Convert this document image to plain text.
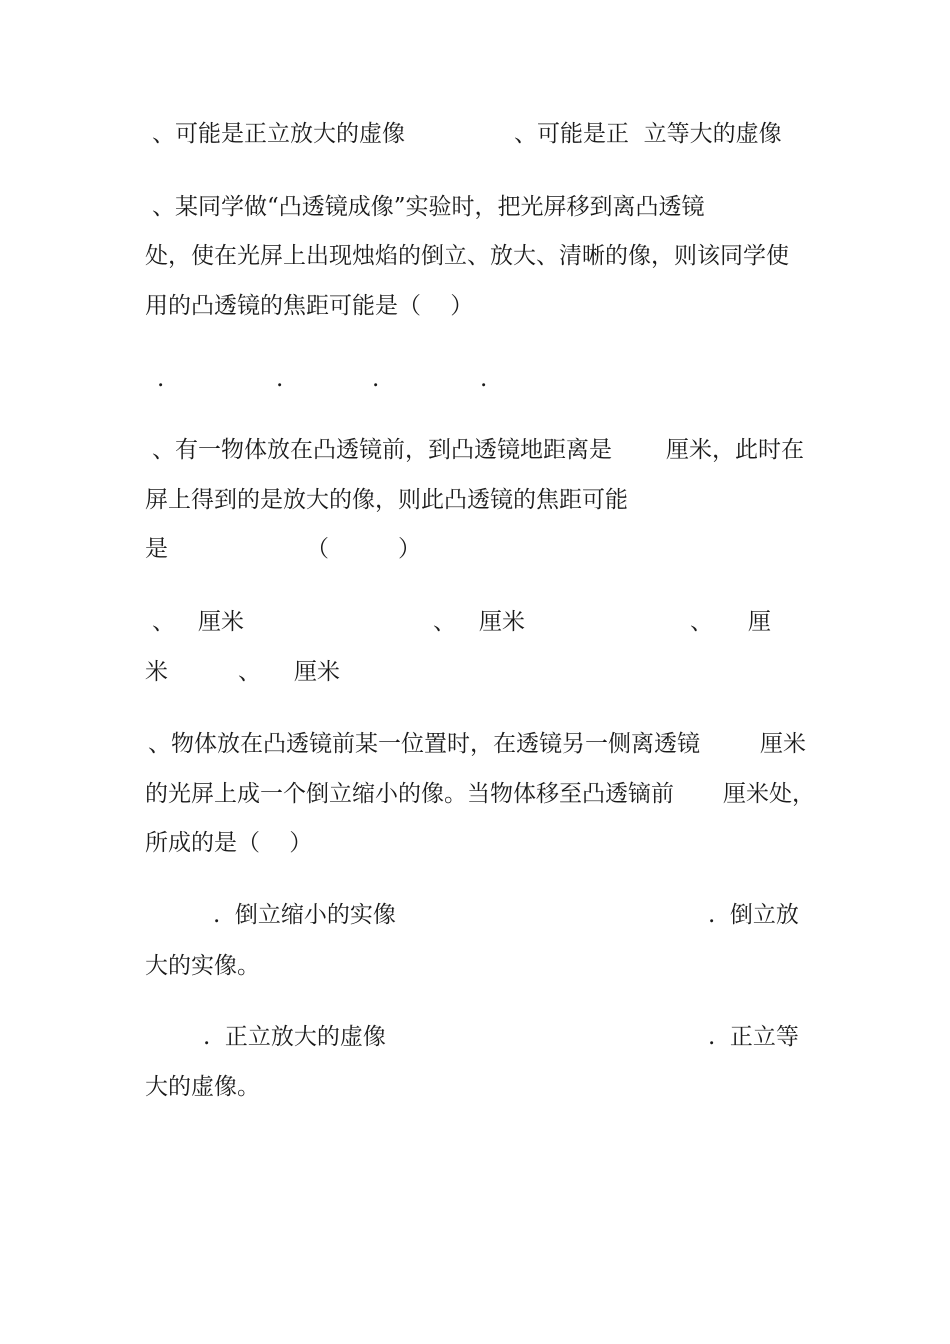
、可能是正立放大的虚像	、可能是正  立等大的虚像
、某同学做“凸透镜成像”实验时，把光屏移到离凸透镜
处，使在光屏上出现烛焰的倒立、放大、清晰的像，则该同学使
用的凸透镜的焦距可能是（    ）
.	.	.	.
、有一物体放在凸透镜前，到凸透镜地距离是 厘米，此时在
屏上得到的是放大的像，则此凸透镜的焦距可能
是	（	）
、 厘米	、 厘米	、 厘
米	、 厘米
、物体放在凸透镜前某一位置时，在透镜另一侧离透镜	厘米
的光屏上成一个倒立缩小的像。当物体移至凸透镝前 厘米处，
所成的是（    ）
.  倒立缩小的实像	.  倒立放
大的实像。
.  正立放大的虚像	.  正立等
大的虚像。
